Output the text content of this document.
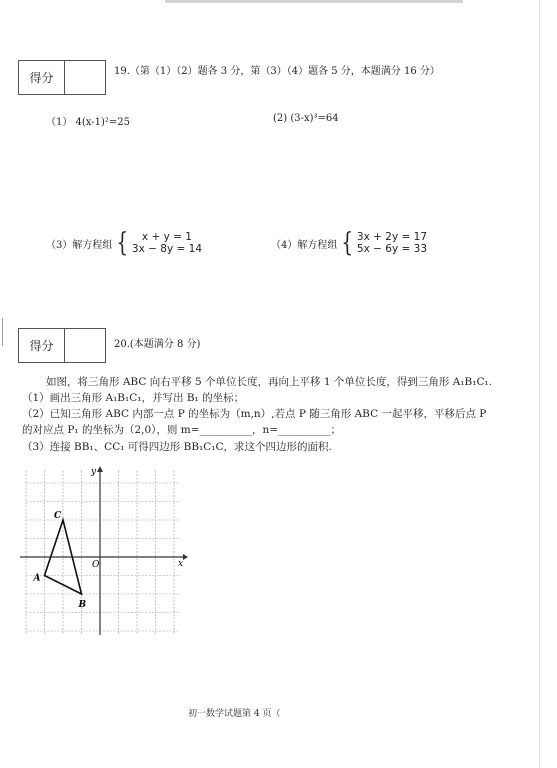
得分	19.（第（1）（2）题各 3 分，第（3）（4）题各 5 分，本题满分 16 分）
（1） 4(x-1)²=25	(2) (3-x)³=64
（3）解方程组 {	x + y = 1
3x − 8y = 14	（4）解方程组 { 3x + 2y = 17
5x − 6y = 33
得分	20.(本题满分 8 分)
如图，将三角形 ABC 向右平移 5 个单位长度，再向上平移 1 个单位长度，得到三角形 A₁B₁C₁.
（1）画出三角形 A₁B₁C₁，并写出 B₁ 的坐标；
（2）已知三角形 ABC 内部一点 P 的坐标为（m,n）,若点 P 随三角形 ABC 一起平移，平移后点 P
的对应点 P₁ 的坐标为（2,0），则 m=__________，n=__________；
（3）连接 BB₁、CC₁ 可得四边形 BB₁C₁C，求这个四边形的面积.
y
x
O
A
B
C
初一数学试题第 4 页（
